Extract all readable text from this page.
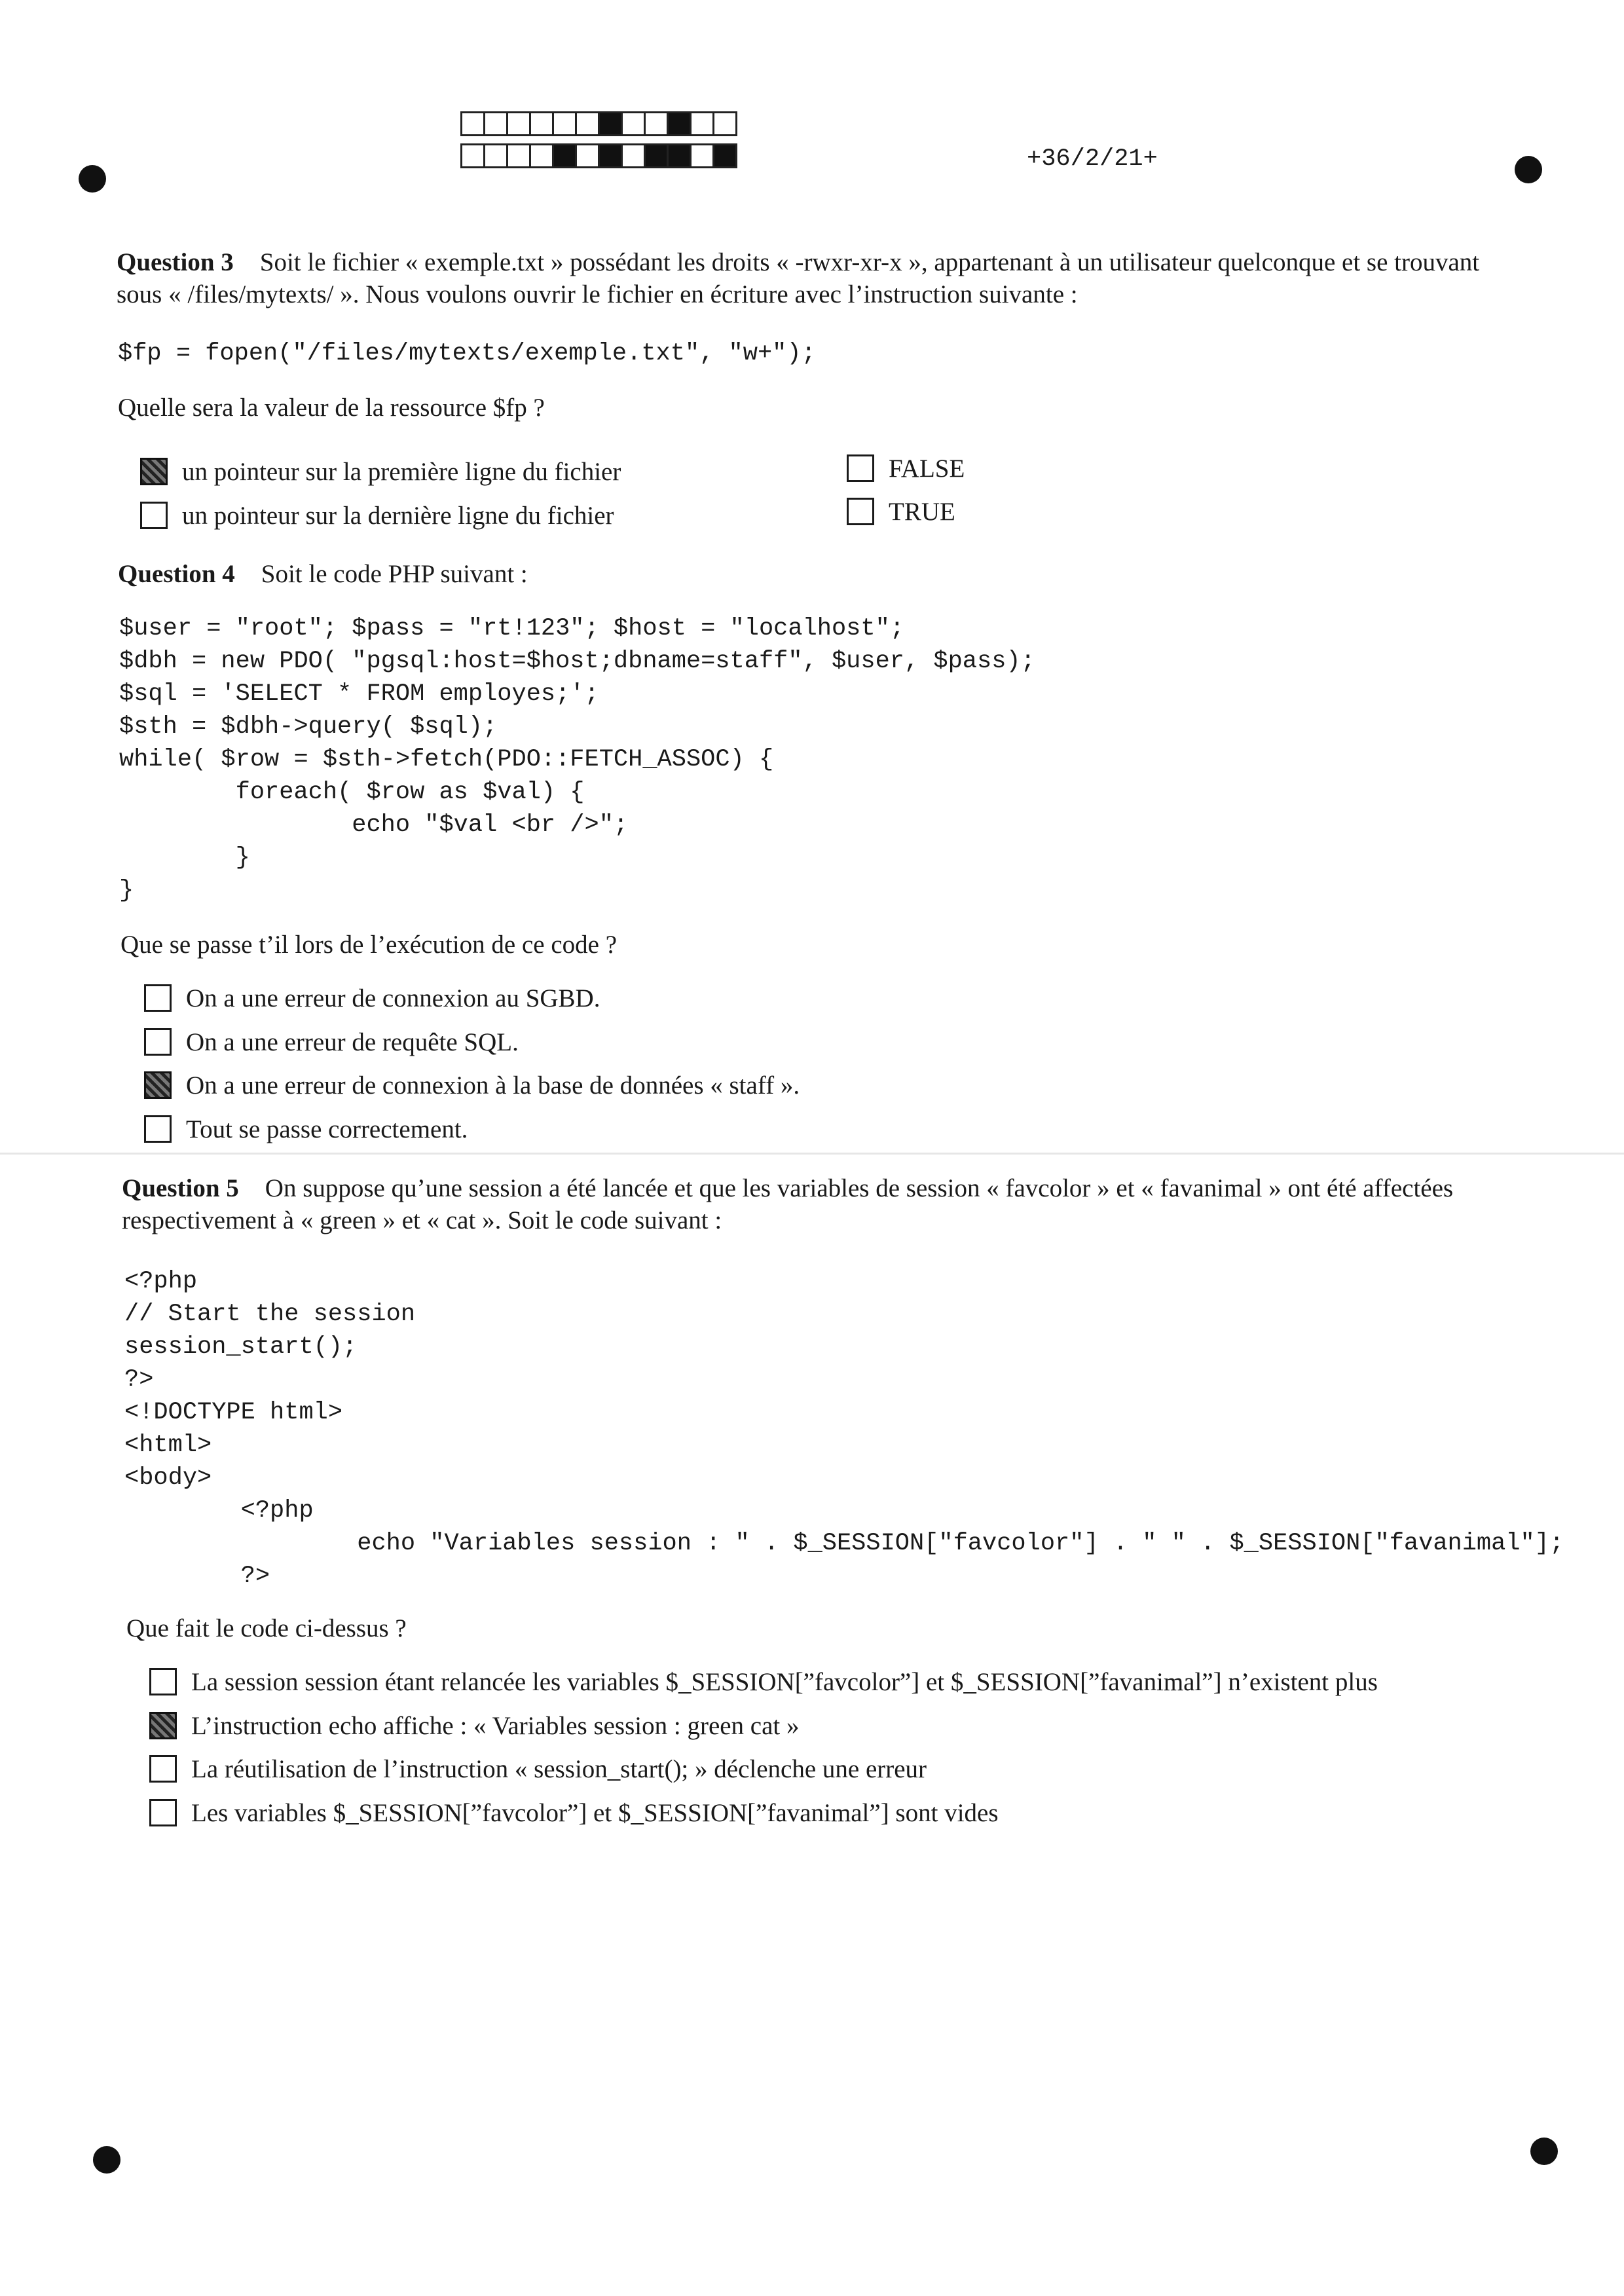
+36/2/21+
Question 3 Soit le fichier « exemple.txt » possédant les droits « -rwxr-xr-x », appartenant à un utilisateur quelconque et se trouvant sous « /files/mytexts/ ». Nous voulons ouvrir le fichier en écriture avec l’instruction suivante :
$fp = fopen("/files/mytexts/exemple.txt", "w+");
Quelle sera la valeur de la ressource $fp ?
un pointeur sur la première ligne du fichier
un pointeur sur la dernière ligne du fichier
FALSE
TRUE
Question 4 Soit le code PHP suivant :
$user = "root"; $pass = "rt!123"; $host = "localhost";
$dbh = new PDO( "pgsql:host=$host;dbname=staff", $user, $pass);
$sql = 'SELECT * FROM employes;';
$sth = $dbh->query( $sql);
while( $row = $sth->fetch(PDO::FETCH_ASSOC) {
foreach( $row as $val) {
echo "$val <br />";
}
}
Que se passe t’il lors de l’exécution de ce code ?
On a une erreur de connexion au SGBD.
On a une erreur de requête SQL.
On a une erreur de connexion à la base de données « staff ».
Tout se passe correctement.
Question 5 On suppose qu’une session a été lancée et que les variables de session « favcolor » et « favanimal » ont été affectées respectivement à « green » et « cat ». Soit le code suivant :
<?php
// Start the session
session_start();
?>
<!DOCTYPE html>
<html>
<body>
<?php
echo "Variables session : " . $_SESSION["favcolor"] . " " . $_SESSION["favanimal"];
?>
Que fait le code ci-dessus ?
La session session étant relancée les variables $_SESSION[”favcolor”] et $_SESSION[”favanimal”] n’existent plus
L’instruction echo affiche : « Variables session : green cat »
La réutilisation de l’instruction « session_start(); » déclenche une erreur
Les variables $_SESSION[”favcolor”] et $_SESSION[”favanimal”] sont vides
